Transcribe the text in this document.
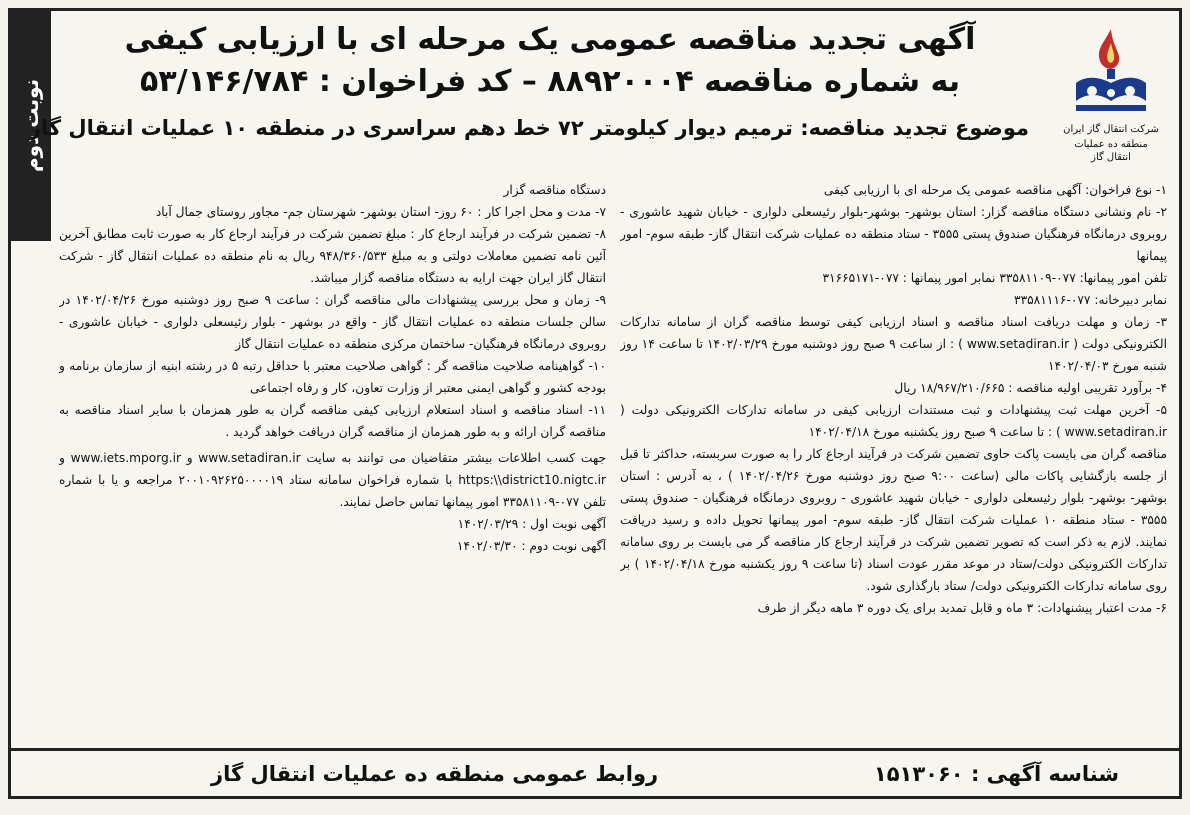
نوبت دوم	شرکت انتقال گاز ایران
منطقه ده عملیات انتقال گاز
آگهی تجدید مناقصه عمومی یک مرحله ای با ارزیابی کیفی
به شماره مناقصه ۸۸۹۲۰۰۰۴ – کد فراخوان : ۵۳/۱۴۶/۷۸۴
موضوع تجدید مناقصه: ترمیم دیوار کیلومتر ۷۲ خط دهم سراسری در منطقه ۱۰ عملیات انتقال گاز

۱- نوع فراخوان: آگهی مناقصه عمومی یک مرحله ای با ارزیابی کیفی

۲- نام ونشانی دستگاه مناقصه گزار: استان بوشهر- بوشهر-بلوار رئیسعلی دلواری - خیابان شهید عاشوری - روبروی درمانگاه فرهنگیان صندوق پستی ۳۵۵۵ - ستاد منطقه ده عملیات شرکت انتقال گاز- طبقه سوم- امور پیمانها

تلفن امور پیمانها: ۰۷۷-۳۳۵۸۱۱۰۹ نمابر امور پیمانها : ۰۷۷-۳۱۶۶۵۱۷۱

نمابر دبیرخانه: ۰۷۷-۳۳۵۸۱۱۱۶

۳- زمان و مهلت دریافت اسناد مناقصه و اسناد ارزیابی کیفی توسط مناقصه گران از سامانه تدارکات الکترونیکی دولت ( www.setadiran.ir ) : از ساعت ۹ صبح روز دوشنبه مورخ ۱۴۰۲/۰۳/۲۹ تا ساعت ۱۴ روز شنبه مورخ ۱۴۰۲/۰۴/۰۳

۴- برآورد تقریبی اولیه مناقصه : ۱۸/۹۶۷/۲۱۰/۶۶۵ ریال

۵- آخرین مهلت ثبت پیشنهادات و ثبت مستندات ارزیابی کیفی در سامانه تدارکات الکترونیکی دولت ( www.setadiran.ir ) : تا ساعت ۹ صبح روز یکشنبه مورخ ۱۴۰۲/۰۴/۱۸

مناقصه گران می بایست پاکت حاوی تضمین شرکت در فرآیند ارجاع کار را به صورت سربسته، حداکثر تا قبل از جلسه بازگشایی پاکات مالی (ساعت ۹:۰۰ صبح روز دوشنبه مورخ ۱۴۰۲/۰۴/۲۶ ) ، به آدرس : استان بوشهر- بوشهر- بلوار رئیسعلی دلواری - خیابان شهید عاشوری - روبروی درمانگاه فرهنگیان - صندوق پستی ۳۵۵۵ - ستاد منطقه ۱۰ عملیات شرکت انتقال گاز- طبقه سوم- امور پیمانها تحویل داده و رسید دریافت نمایند. لازم به ذکر است که تصویر تضمین شرکت در فرآیند ارجاع کار مناقصه گر می بایست بر روی سامانه تدارکات الکترونیکی دولت/ستاد در موعد مقرر عودت اسناد (تا ساعت ۹ روز یکشنبه مورخ ۱۴۰۲/۰۴/۱۸ ) بر روی سامانه تدارکات الکترونیکی دولت/ ستاد بارگذاری شود.

۶- مدت اعتبار پیشنهادات: ۳ ماه و قابل تمدید برای یک دوره ۳ ماهه دیگر از طرف

دستگاه مناقصه گزار

۷- مدت و محل اجرا کار : ۶۰ روز- استان بوشهر- شهرستان جم- مجاور روستای جمال آباد

۸- تضمین شرکت در فرآیند ارجاع کار : مبلغ تضمین شرکت در فرآیند ارجاع کار به صورت ثابت مطابق آخرین آئین نامه تضمین معاملات دولتی و به مبلغ ۹۴۸/۳۶۰/۵۳۳ ریال به نام منطقه ده عملیات انتقال گاز - شرکت انتقال گاز ایران جهت ارایه به دستگاه مناقصه گزار میباشد.

۹- زمان و محل بررسی پیشنهادات مالی مناقصه گران : ساعت ۹ صبح روز دوشنبه مورخ ۱۴۰۲/۰۴/۲۶ در سالن جلسات منطقه ده عملیات انتقال گاز - واقع در بوشهر - بلوار رئیسعلی دلواری - خیابان عاشوری - روبروی درمانگاه فرهنگیان- ساختمان مرکزی منطقه ده عملیات انتقال گاز

۱۰- گواهینامه صلاحیت مناقصه گر : گواهی صلاحیت معتبر با حداقل رتبه ۵ در رشته ابنیه از سازمان برنامه و بودجه کشور و گواهی ایمنی معتبر از وزارت تعاون، کار و رفاه اجتماعی

۱۱- اسناد مناقصه و اسناد استعلام ارزیابی کیفی مناقصه گران به طور همزمان با سایر اسناد مناقصه به مناقصه گران ارائه و به طور همزمان از مناقصه گران دریافت خواهد گردید .

جهت کسب اطلاعات بیشتر متقاضیان می توانند به سایت www.setadiran.ir و www.iets.mporg.ir و https:\\district10.nigtc.ir با شماره فراخوان سامانه ستاد ۲۰۰۱۰۹۲۶۲۵۰۰۰۰۱۹ مراجعه و یا با شماره تلفن ۰۷۷-۳۳۵۸۱۱۰۹ امور پیمانها تماس حاصل نمایند.

آگهی نوبت اول : ۱۴۰۲/۰۳/۲۹

آگهی نوبت دوم : ۱۴۰۲/۰۳/۳۰

شناسه آگهی : ۱۵۱۳۰۶۰
روابط عمومی منطقه ده عملیات انتقال گاز
